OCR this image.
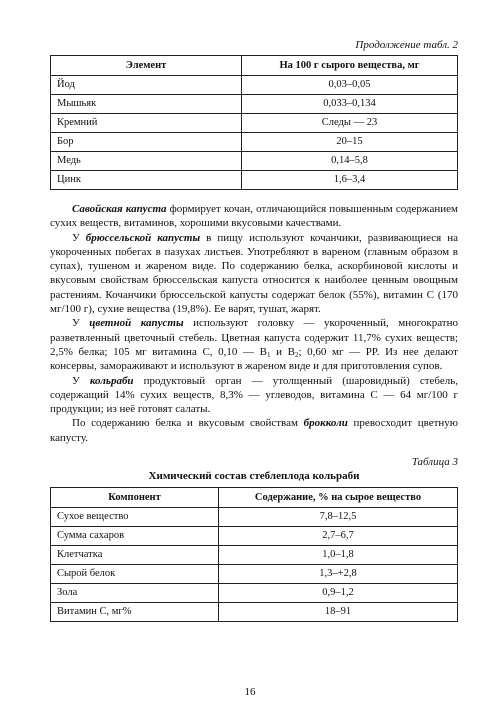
Продолжение табл. 2
Элемент	На 100 г сырого вещества, мг
Йод	0,03–0,05
Мышьяк	0,033–0,134
Кремний	Следы — 23
Бор	20–15
Медь	0,14–5,8
Цинк	1,6–3,4

Савойская капуста формирует кочан, отличающийся повышенным содержанием сухих веществ, витаминов, хорошими вкусовыми качествами.

У брюссельской капусты в пищу используют кочанчики, развивающиеся на укороченных побегах в пазухах листьев. Употребляют в вареном (главным образом в супах), тушеном и жареном виде. По содержанию белка, аскорбиновой кислоты и вкусовым свойствам брюссельская капуста относится к наиболее ценным овощным растениям. Кочанчики брюссельской капусты содержат белок (55%), витамин С (170 мг/100 г), сухие вещества (19,8%). Ее варят, тушат, жарят.

У цветной капусты используют головку — укороченный, многократно разветвленный цветочный стебель. Цветная капуста содержит 11,7% сухих веществ; 2,5% белка; 105 мг витамина С, 0,10 — $В_1$ и $В_2$; 0,60 мг — PP. Из нее делают консервы, замораживают и используют в жареном виде и для приготовления супов.

У кольраби продуктовый орган — утолщенный (шаровидный) стебель, содержащий 14% сухих веществ, 8,3% — углеводов, витамина С — 64 мг/100 г продукции; из неё готовят салаты.

По содержанию белка и вкусовым свойствам брокколи превосходит цветную капусту.

Таблица 3
Химический состав стеблеплода кольраби
Компонент	Содержание, % на сырое вещество
Сухое вещество	7,8–12,5
Сумма сахаров	2,7–6,7
Клетчатка	1,0–1,8
Сырой белок	1,3–+2,8
Зола	0,9–1,2
Витамин С, мг%	18–91
16
